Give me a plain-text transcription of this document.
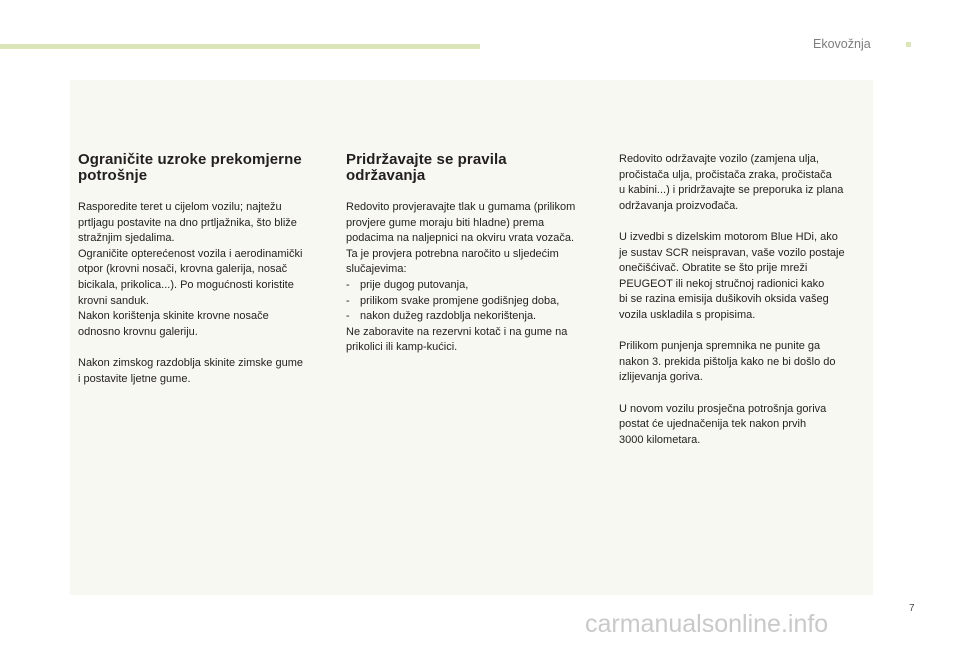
Ekovožnja
Ograničite uzroke prekomjerne
potrošnje

Rasporedite teret u cijelom vozilu; najtežu
prtljagu postavite na dno prtljažnika, što bliže
stražnjim sjedalima.
Ograničite opterećenost vozila i aerodinamički
otpor (krovni nosači, krovna galerija, nosač
bicikala, prikolica...). Po mogućnosti koristite
krovni sanduk.
Nakon korištenja skinite krovne nosače
odnosno krovnu galeriju.

Nakon zimskog razdoblja skinite zimske gume
i postavite ljetne gume.

Pridržavajte se pravila
održavanja

Redovito provjeravajte tlak u gumama (prilikom
provjere gume moraju biti hladne) prema
podacima na naljepnici na okviru vrata vozača.
Ta je provjera potrebna naročito u sljedećim
slučajevima:
- prije dugog putovanja,
- prilikom svake promjene godišnjeg doba,
- nakon dužeg razdoblja nekorištenja.
Ne zaboravite na rezervni kotač i na gume na
prikolici ili kamp-kućici.

Redovito održavajte vozilo (zamjena ulja,
pročistača ulja, pročistača zraka, pročistača
u kabini...) i pridržavajte se preporuka iz plana
održavanja proizvođača.

U izvedbi s dizelskim motorom Blue HDi, ako
je sustav SCR neispravan, vaše vozilo postaje
onečišćivač. Obratite se što prije mreži
PEUGEOT ili nekoj stručnoj radionici kako
bi se razina emisija dušikovih oksida vašeg
vozila uskladila s propisima.

Prilikom punjenja spremnika ne punite ga
nakon 3. prekida pištolja kako ne bi došlo do
izlijevanja goriva.

U novom vozilu prosječna potrošnja goriva
postat će ujednačenija tek nakon prvih
3000 kilometara.

7
carmanualsonline.info
